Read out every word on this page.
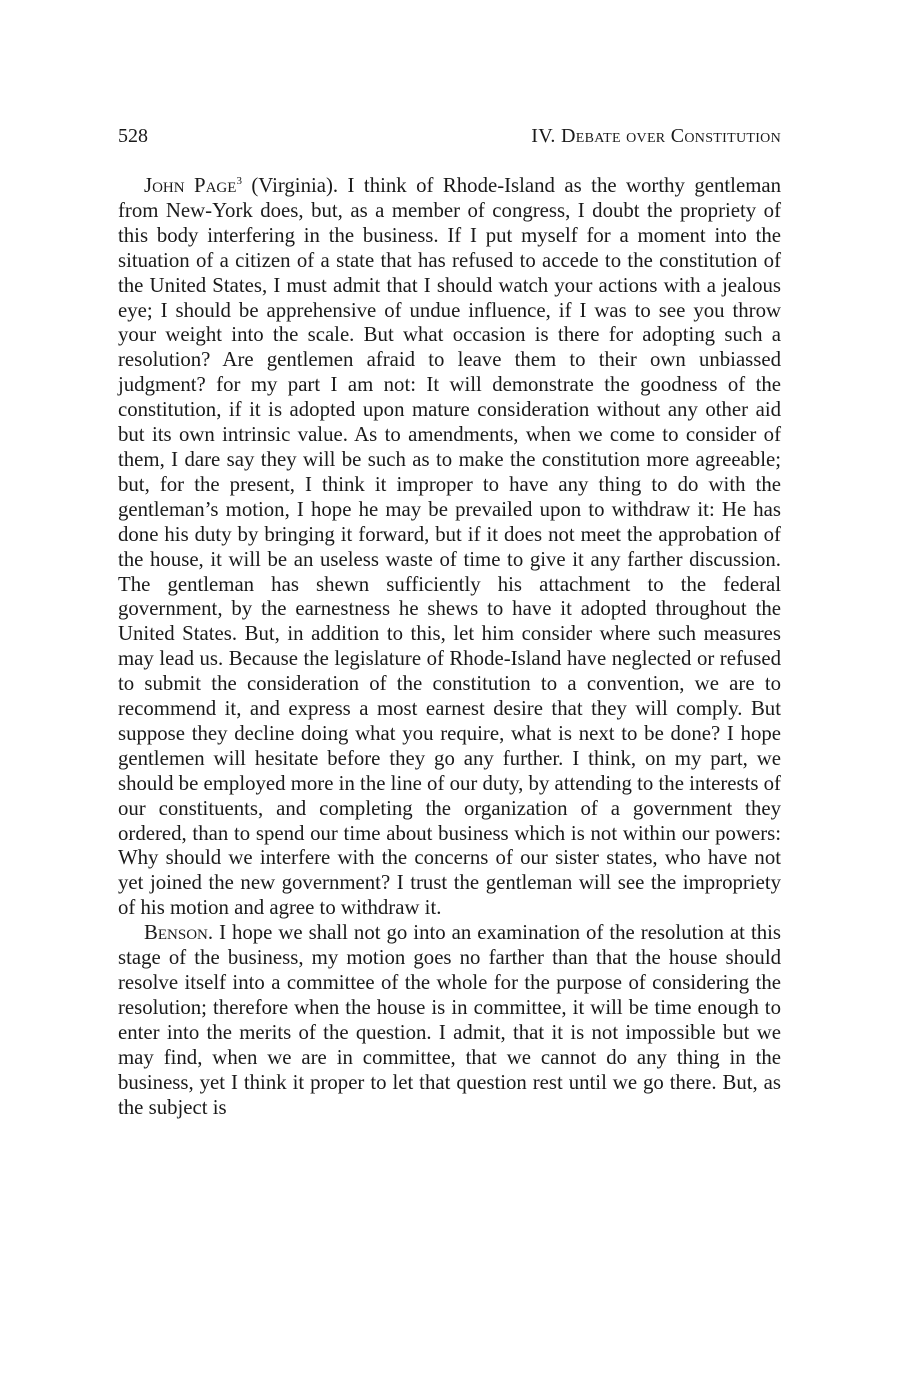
528	IV. Debate over Constitution

John Page$^3$ (Virginia). I think of Rhode-Island as the worthy gentleman from New-York does, but, as a member of congress, I doubt the propriety of this body interfering in the business. If I put myself for a moment into the situation of a citizen of a state that has refused to accede to the constitution of the United States, I must admit that I should watch your actions with a jealous eye; I should be apprehensive of undue influence, if I was to see you throw your weight into the scale. But what occasion is there for adopting such a resolution? Are gentlemen afraid to leave them to their own unbiassed judgment? for my part I am not: It will demonstrate the goodness of the constitution, if it is adopted upon mature consideration without any other aid but its own intrinsic value. As to amendments, when we come to consider of them, I dare say they will be such as to make the constitution more agreeable; but, for the present, I think it improper to have any thing to do with the gentleman’s motion, I hope he may be prevailed upon to withdraw it: He has done his duty by bringing it forward, but if it does not meet the approbation of the house, it will be an useless waste of time to give it any farther discussion. The gentleman has shewn sufficiently his attachment to the federal government, by the earnestness he shews to have it adopted throughout the United States. But, in addition to this, let him consider where such measures may lead us. Because the legislature of Rhode-Island have neglected or refused to submit the consideration of the constitution to a convention, we are to recommend it, and express a most earnest desire that they will comply. But suppose they decline doing what you require, what is next to be done? I hope gentlemen will hesitate before they go any further. I think, on my part, we should be employed more in the line of our duty, by attending to the interests of our constituents, and completing the organization of a government they ordered, than to spend our time about business which is not within our powers: Why should we interfere with the concerns of our sister states, who have not yet joined the new government? I trust the gentleman will see the impropriety of his motion and agree to withdraw it.

Benson. I hope we shall not go into an examination of the resolution at this stage of the business, my motion goes no farther than that the house should resolve itself into a committee of the whole for the purpose of considering the resolution; therefore when the house is in committee, it will be time enough to enter into the merits of the question. I admit, that it is not impossible but we may find, when we are in committee, that we cannot do any thing in the business, yet I think it proper to let that question rest until we go there. But, as the subject is
